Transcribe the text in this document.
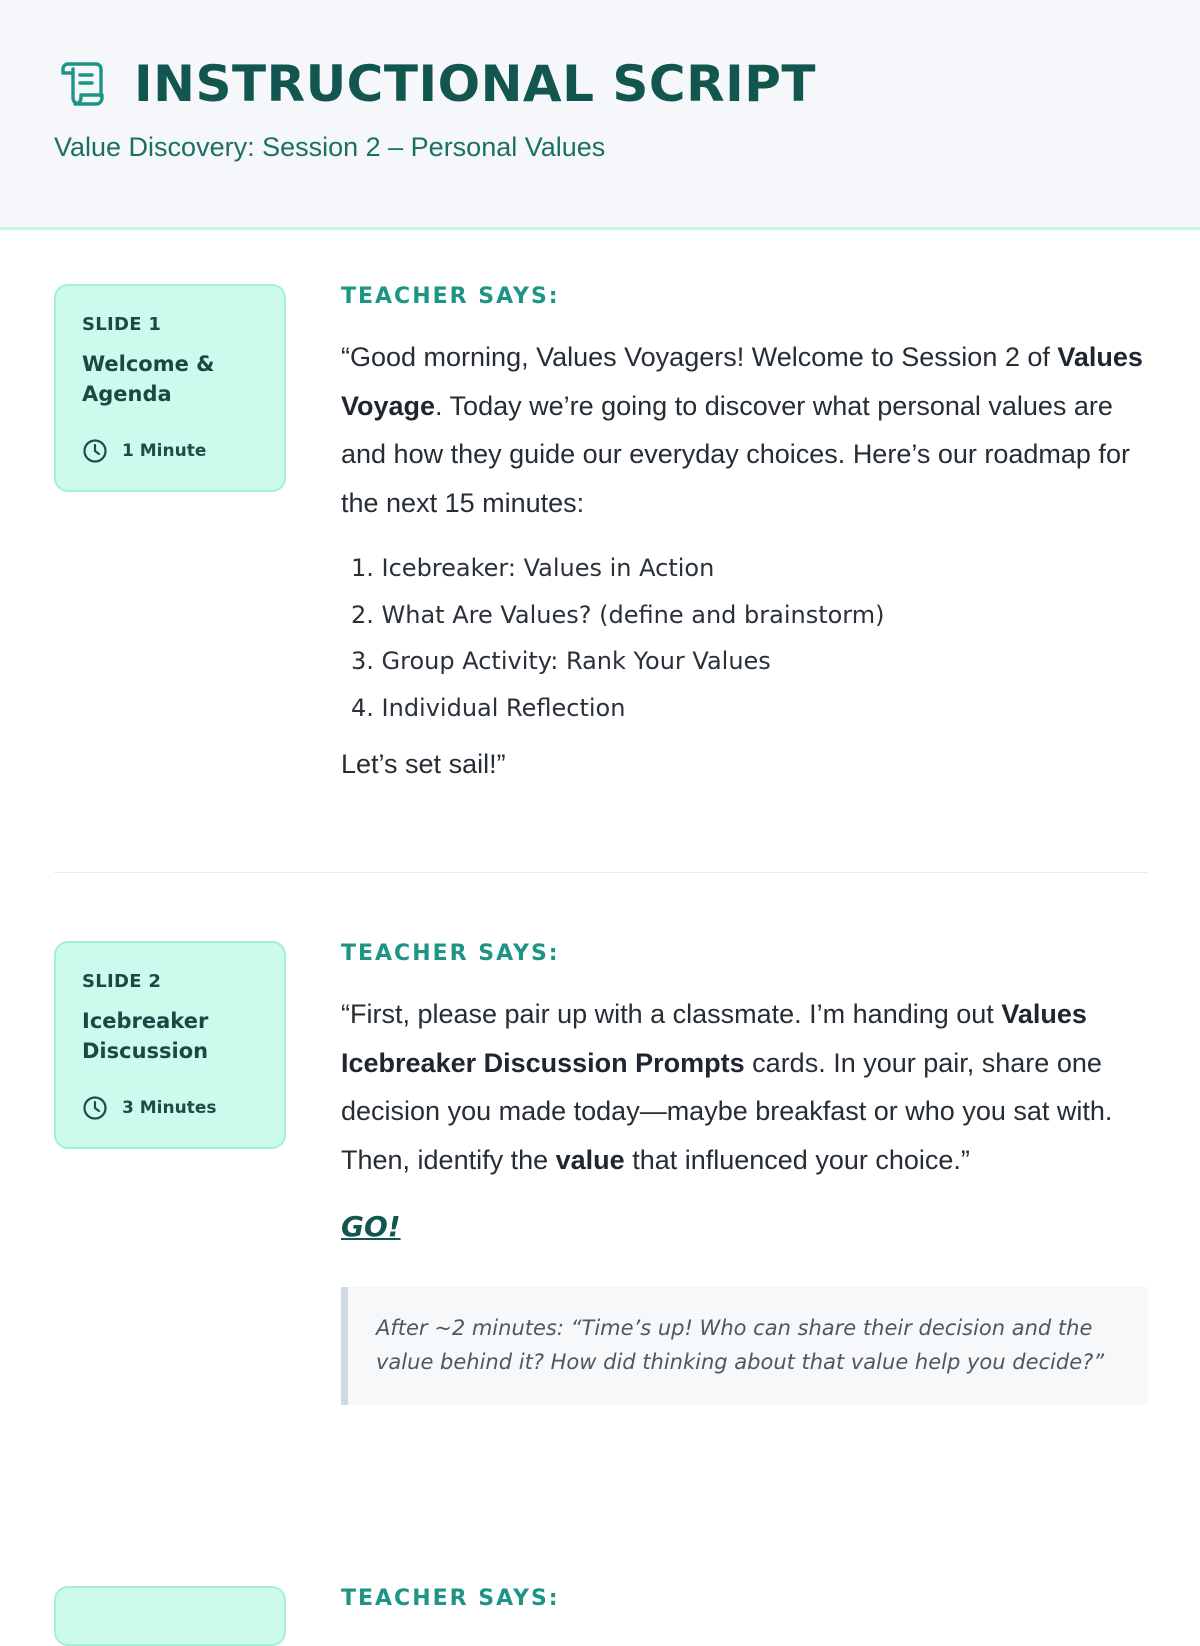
INSTRUCTIONAL SCRIPT
Value Discovery: Session 2 – Personal Values
SLIDE 1
Welcome & Agenda
1 Minute
TEACHER SAYS:

“Good morning, Values Voyagers! Welcome to Session 2 of Values Voyage. Today we’re going to discover what personal values are and how they guide our everyday choices. Here’s our roadmap for the next 15 minutes:

1. Icebreaker: Values in Action
2. What Are Values? (define and brainstorm)
3. Group Activity: Rank Your Values
4. Individual Reflection

Let’s set sail!”

SLIDE 2
Icebreaker Discussion
3 Minutes
TEACHER SAYS:

“First, please pair up with a classmate. I’m handing out Values Icebreaker Discussion Prompts cards. In your pair, share one decision you made today—maybe breakfast or who you sat with. Then, identify the value that influenced your choice.”

GO!
After ~2 minutes: “Time’s up! Who can share their decision and the value behind it? How did thinking about that value help you decide?”
TEACHER SAYS:
